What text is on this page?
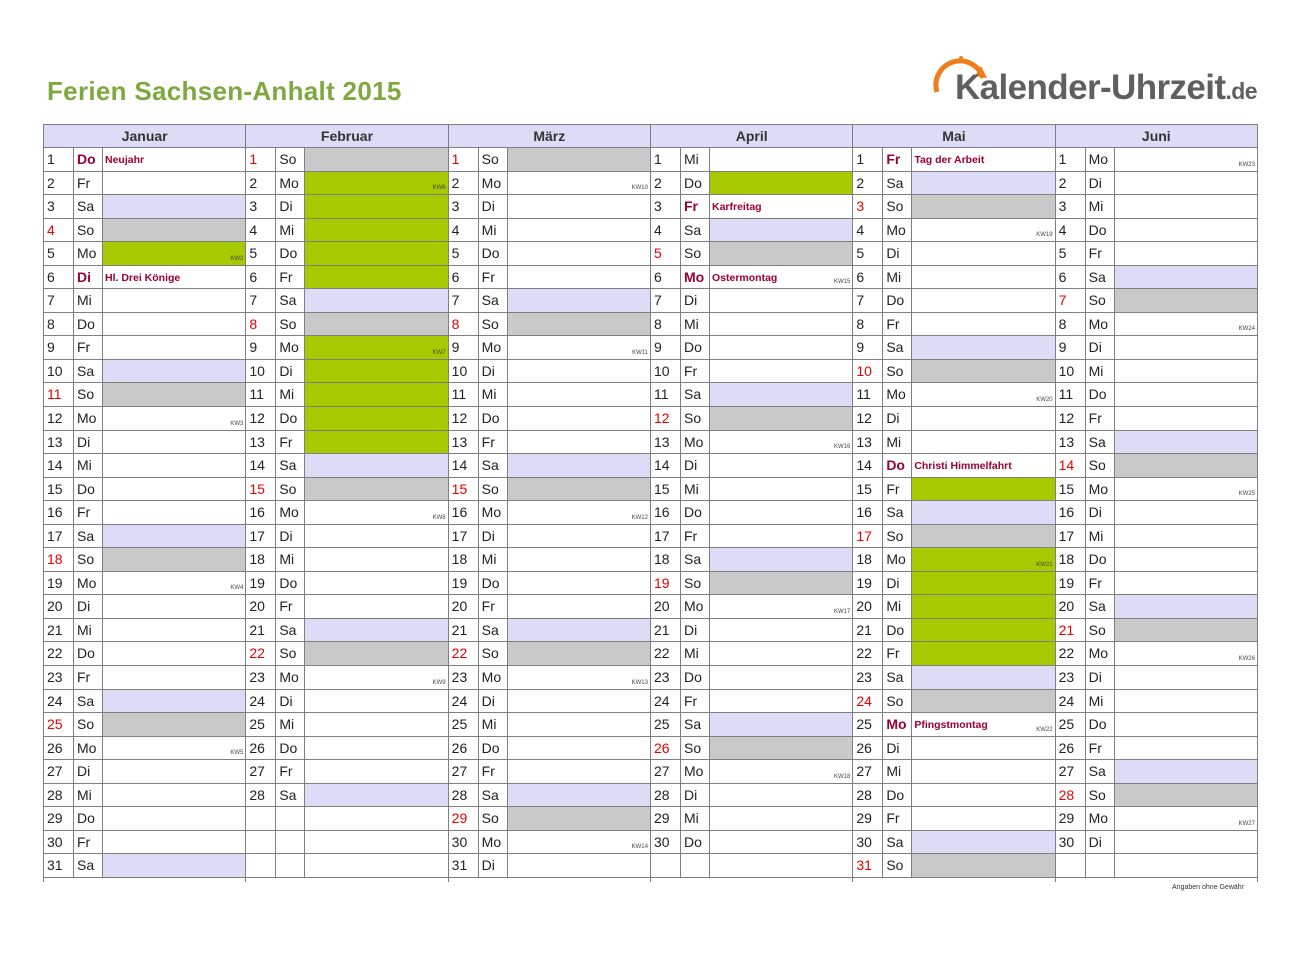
Ferien Sachsen-Anhalt 2015	Kalender-Uhrzeit.de
Januar
1	Do Neujahr
2	Fr
3	Sa
4	So
5	Mo	KW2
6	Di	Hl. Drei Könige
7	Mi
8	Do
9	Fr
10	Sa
11	So
12	Mo	KW3
13	Di
14	Mi
15	Do
16	Fr
17	Sa
18	So
19	Mo	KW4
20	Di
21	Mi
22	Do
23	Fr
24	Sa
25	So
26	Mo	KW5
27	Di
28	Mi
29	Do
30	Fr
31	Sa
Februar
1	So
2	Mo	KW6
3	Di
4	Mi
5	Do
6	Fr
7	Sa
8	So
9	Mo	KW7
10	Di
11	Mi
12	Do
13	Fr
14	Sa
15	So
16	Mo	KW8
17	Di
18	Mi
19	Do
20	Fr
21	Sa
22	So
23	Mo	KW9
24	Di
25	Mi
26	Do
27	Fr
28	Sa
März
1	So
2	Mo	KW10
3	Di
4	Mi
5	Do
6	Fr
7	Sa
8	So
9	Mo	KW11
10	Di
11	Mi
12	Do
13	Fr
14	Sa
15	So
16	Mo	KW12
17	Di
18	Mi
19	Do
20	Fr
21	Sa
22	So
23	Mo	KW13
24	Di
25	Mi
26	Do
27	Fr
28	Sa
29	So
30	Mo	KW14
31	Di
April
1	Mi
2	Do
3	Fr	Karfreitag
4	Sa
5	So
6	Mo Ostermontag	KW15
7	Di
8	Mi
9	Do
10	Fr
11	Sa
12	So
13	Mo	KW16
14	Di
15	Mi
16	Do
17	Fr
18	Sa
19	So
20	Mo	KW17
21	Di
22	Mi
23	Do
24	Fr
25	Sa
26	So
27	Mo	KW18
28	Di
29	Mi
30	Do
Mai
1	Fr	Tag der Arbeit
2	Sa
3	So
4	Mo	KW19
5	Di
6	Mi
7	Do
8	Fr
9	Sa
10	So
11	Mo	KW20
12	Di
13	Mi
14	Do Christi Himmelfahrt
15	Fr
16	Sa
17	So
18	Mo	KW21
19	Di
20	Mi
21	Do
22	Fr
23	Sa
24	So
25	Mo Pfingstmontag	KW22
26	Di
27	Mi
28	Do
29	Fr
30	Sa
31	So
Juni
1	Mo	KW23
2	Di
3	Mi
4	Do
5	Fr
6	Sa
7	So
8	Mo	KW24
9	Di
10	Mi
11	Do
12	Fr
13	Sa
14	So
15	Mo	KW25
16	Di
17	Mi
18	Do
19	Fr
20	Sa
21	So
22	Mo	KW26
23	Di
24	Mi
25	Do
26	Fr
27	Sa
28	So
29	Mo	KW27
30	Di
Angaben ohne Gewähr
